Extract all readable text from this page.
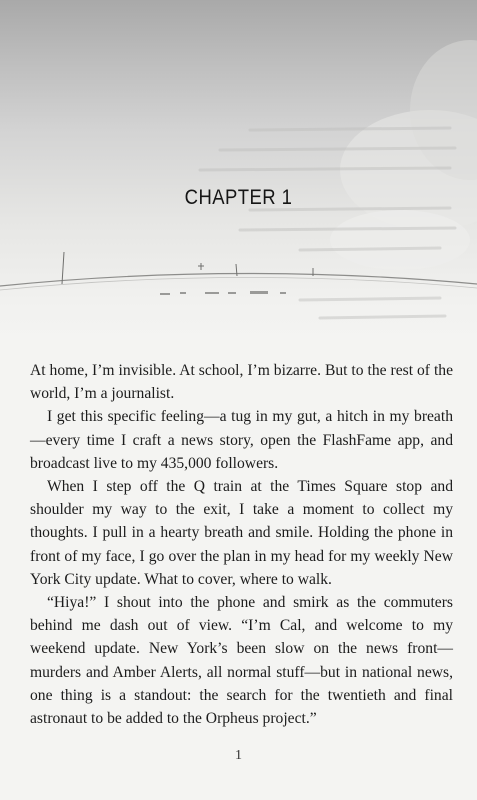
CHAPTER 1

At home, I’m invisible. At school, I’m bizarre. But to the rest of the world, I’m a journalist.

I get this specific feeling—a tug in my gut, a hitch in my breath—every time I craft a news story, open the FlashFame app, and broadcast live to my 435,000 followers.

When I step off the Q train at the Times Square stop and shoulder my way to the exit, I take a moment to collect my thoughts. I pull in a hearty breath and smile. Holding the phone in front of my face, I go over the plan in my head for my weekly New York City update. What to cover, where to walk.

“Hiya!” I shout into the phone and smirk as the commuters behind me dash out of view. “I’m Cal, and welcome to my weekend update. New York’s been slow on the news front—murders and Amber Alerts, all normal stuff—but in national news, one thing is a standout: the search for the twentieth and final astronaut to be added to the Orpheus project.”

1
